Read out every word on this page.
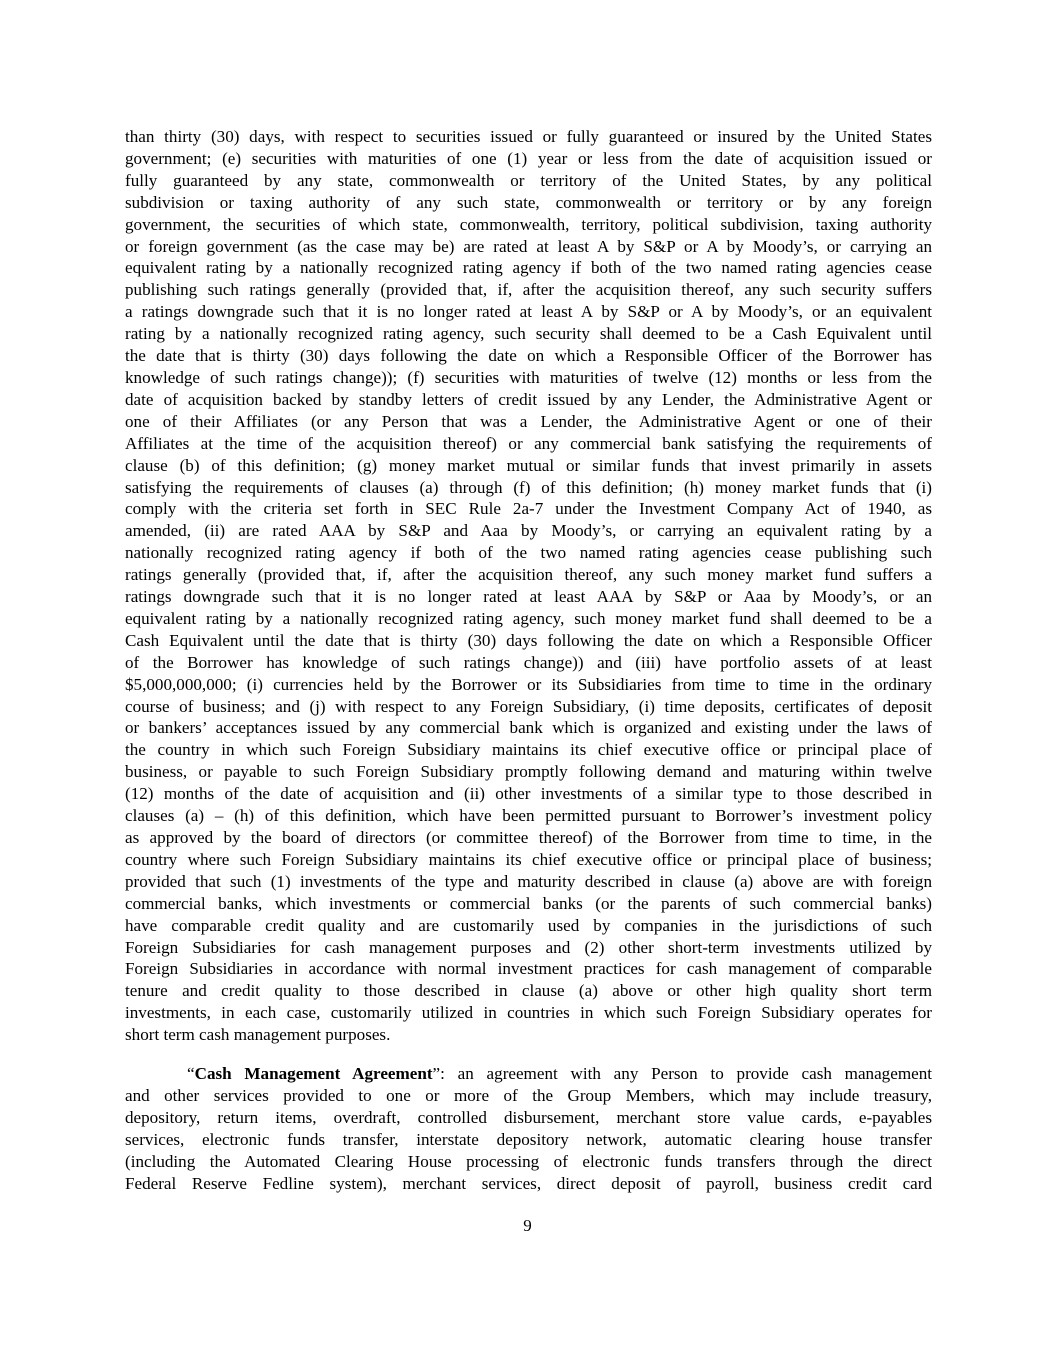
than thirty (30) days, with respect to securities issued or fully guaranteed or insured by the United States
government; (e) securities with maturities of one (1) year or less from the date of acquisition issued or
fully guaranteed by any state, commonwealth or territory of the United States, by any political
subdivision or taxing authority of any such state, commonwealth or territory or by any foreign
government, the securities of which state, commonwealth, territory, political subdivision, taxing authority
or foreign government (as the case may be) are rated at least A by S&P or A by Moody’s, or carrying an
equivalent rating by a nationally recognized rating agency if both of the two named rating agencies cease
publishing such ratings generally (provided that, if, after the acquisition thereof, any such security suffers
a ratings downgrade such that it is no longer rated at least A by S&P or A by Moody’s, or an equivalent
rating by a nationally recognized rating agency, such security shall deemed to be a Cash Equivalent until
the date that is thirty (30) days following the date on which a Responsible Officer of the Borrower has
knowledge of such ratings change)); (f) securities with maturities of twelve (12) months or less from the
date of acquisition backed by standby letters of credit issued by any Lender, the Administrative Agent or
one of their Affiliates (or any Person that was a Lender, the Administrative Agent or one of their
Affiliates at the time of the acquisition thereof) or any commercial bank satisfying the requirements of
clause (b) of this definition; (g) money market mutual or similar funds that invest primarily in assets
satisfying the requirements of clauses (a) through (f) of this definition; (h) money market funds that (i)
comply with the criteria set forth in SEC Rule 2a-7 under the Investment Company Act of 1940, as
amended, (ii) are rated AAA by S&P and Aaa by Moody’s, or carrying an equivalent rating by a
nationally recognized rating agency if both of the two named rating agencies cease publishing such
ratings generally (provided that, if, after the acquisition thereof, any such money market fund suffers a
ratings downgrade such that it is no longer rated at least AAA by S&P or Aaa by Moody’s, or an
equivalent rating by a nationally recognized rating agency, such money market fund shall deemed to be a
Cash Equivalent until the date that is thirty (30) days following the date on which a Responsible Officer
of the Borrower has knowledge of such ratings change)) and (iii) have portfolio assets of at least
$5,000,000,000; (i) currencies held by the Borrower or its Subsidiaries from time to time in the ordinary
course of business; and (j) with respect to any Foreign Subsidiary, (i) time deposits, certificates of deposit
or bankers’ acceptances issued by any commercial bank which is organized and existing under the laws of
the country in which such Foreign Subsidiary maintains its chief executive office or principal place of
business, or payable to such Foreign Subsidiary promptly following demand and maturing within twelve
(12) months of the date of acquisition and (ii) other investments of a similar type to those described in
clauses (a) – (h) of this definition, which have been permitted pursuant to Borrower’s investment policy
as approved by the board of directors (or committee thereof) of the Borrower from time to time, in the
country where such Foreign Subsidiary maintains its chief executive office or principal place of business;
provided that such (1) investments of the type and maturity described in clause (a) above are with foreign
commercial banks, which investments or commercial banks (or the parents of such commercial banks)
have comparable credit quality and are customarily used by companies in the jurisdictions of such
Foreign Subsidiaries for cash management purposes and (2) other short-term investments utilized by
Foreign Subsidiaries in accordance with normal investment practices for cash management of comparable
tenure and credit quality to those described in clause (a) above or other high quality short term
investments, in each case, customarily utilized in countries in which such Foreign Subsidiary operates for
short term cash management purposes.
“Cash Management Agreement”: an agreement with any Person to provide cash management
and other services provided to one or more of the Group Members, which may include treasury,
depository, return items, overdraft, controlled disbursement, merchant store value cards, e-payables
services, electronic funds transfer, interstate depository network, automatic clearing house transfer
(including the Automated Clearing House processing of electronic funds transfers through the direct
Federal Reserve Fedline system), merchant services, direct deposit of payroll, business credit card
9
